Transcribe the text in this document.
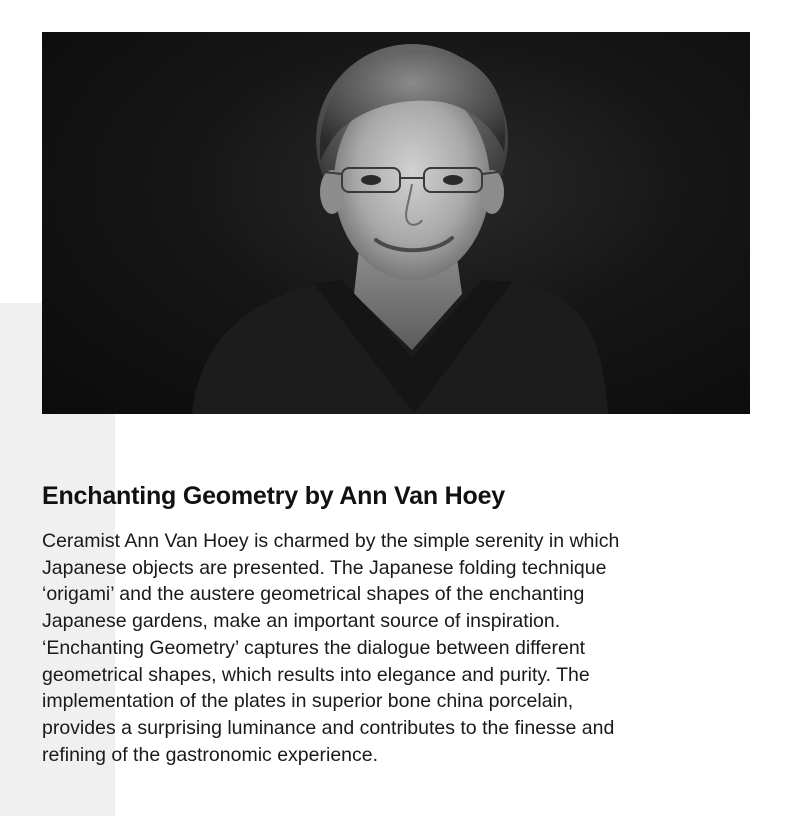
Enchanting Geometry by Ann Van Hoey

Ceramist Ann Van Hoey is charmed by the simple serenity in which Japanese objects are presented. The Japanese folding technique ‘origami’ and the austere geometrical shapes of the enchanting Japanese gardens, make an important source of inspiration. ‘Enchanting Geometry’ captures the dialogue between different geometrical shapes, which results into elegance and purity. The implementation of the plates in superior bone china porcelain, provides a surprising luminance and contributes to the finesse and refining of the gastronomic experience.
